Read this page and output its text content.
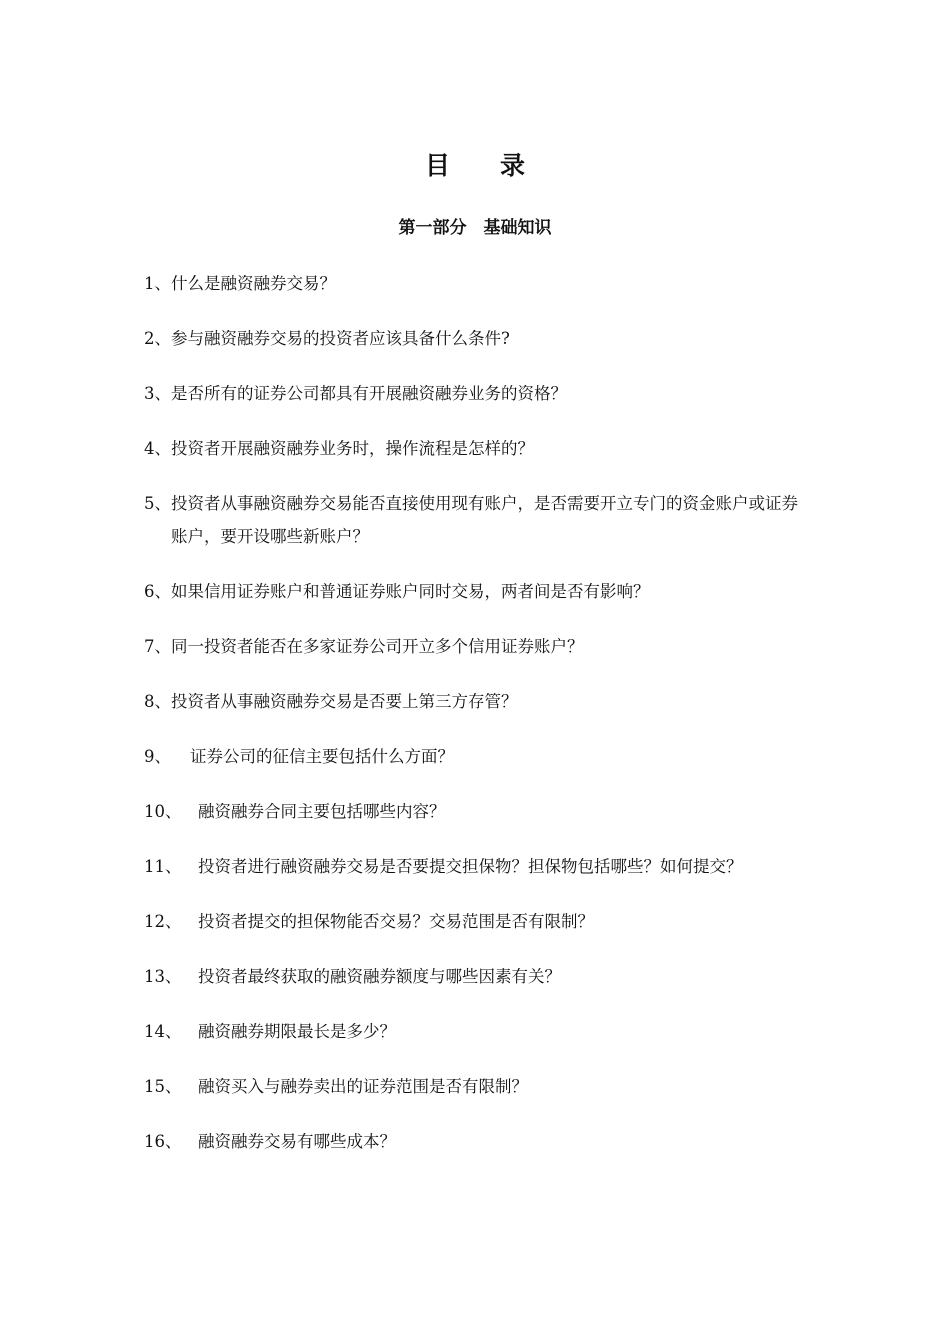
目录
第一部分　基础知识
1、 什么是融资融券交易？
2、 参与融资融券交易的投资者应该具备什么条件?
3、 是否所有的证券公司都具有开展融资融券业务的资格？
4、 投资者开展融资融券业务时，操作流程是怎样的？
5、 投资者从事融资融券交易能否直接使用现有账户，是否需要开立专门的资金账户或证券账户，要开设哪些新账户？
6、 如果信用证券账户和普通证券账户同时交易，两者间是否有影响？
7、 同一投资者能否在多家证券公司开立多个信用证券账户？
8、 投资者从事融资融券交易是否要上第三方存管？
9、	证券公司的征信主要包括什么方面？
10、	融资融券合同主要包括哪些内容？
11、	投资者进行融资融券交易是否要提交担保物？担保物包括哪些？如何提交？
12、	投资者提交的担保物能否交易？交易范围是否有限制？
13、	投资者最终获取的融资融券额度与哪些因素有关？
14、	融资融券期限最长是多少？
15、	融资买入与融券卖出的证券范围是否有限制？
16、	融资融券交易有哪些成本？
